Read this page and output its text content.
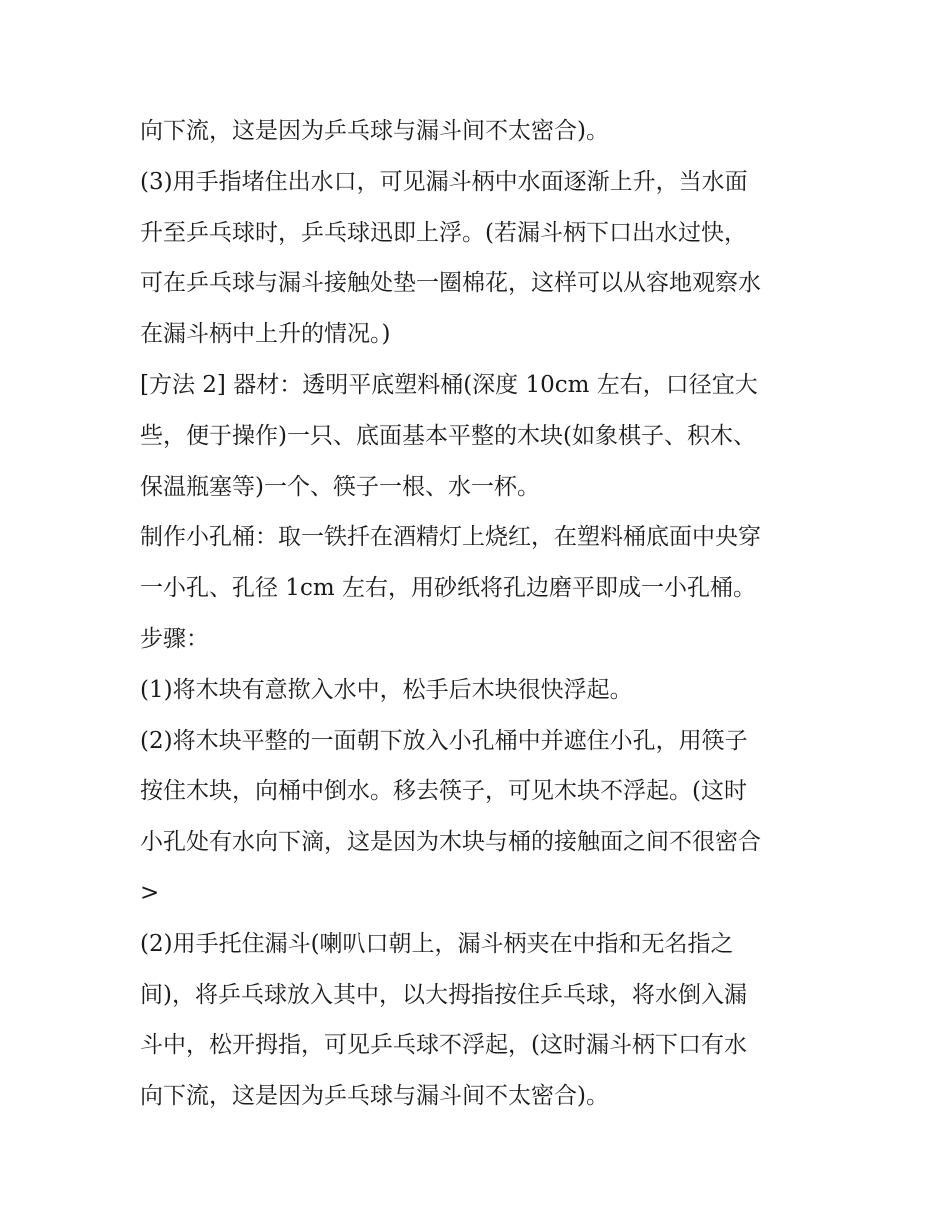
向下流，这是因为乒乓球与漏斗间不太密合)。
(3)用手指堵住出水口，可见漏斗柄中水面逐渐上升，当水面
升至乒乓球时，乒乓球迅即上浮。(若漏斗柄下口出水过快，
可在乒乓球与漏斗接触处垫一圈棉花，这样可以从容地观察水
在漏斗柄中上升的情况。)
[方法 2] 器材：透明平底塑料桶(深度 10cm 左右，口径宜大
些，便于操作)一只、底面基本平整的木块(如象棋子、积木、
保温瓶塞等)一个、筷子一根、水一杯。
制作小孔桶：取一铁扦在酒精灯上烧红，在塑料桶底面中央穿
一小孔、孔径 1cm 左右，用砂纸将孔边磨平即成一小孔桶。
步骤：
(1)将木块有意揿入水中，松手后木块很快浮起。
(2)将木块平整的一面朝下放入小孔桶中并遮住小孔，用筷子
按住木块，向桶中倒水。移去筷子，可见木块不浮起。(这时
小孔处有水向下滴，这是因为木块与桶的接触面之间不很密合
>
(2)用手托住漏斗(喇叭口朝上，漏斗柄夹在中指和无名指之
间)，将乒乓球放入其中，以大拇指按住乒乓球，将水倒入漏
斗中，松开拇指，可见乒乓球不浮起，(这时漏斗柄下口有水
向下流，这是因为乒乓球与漏斗间不太密合)。
